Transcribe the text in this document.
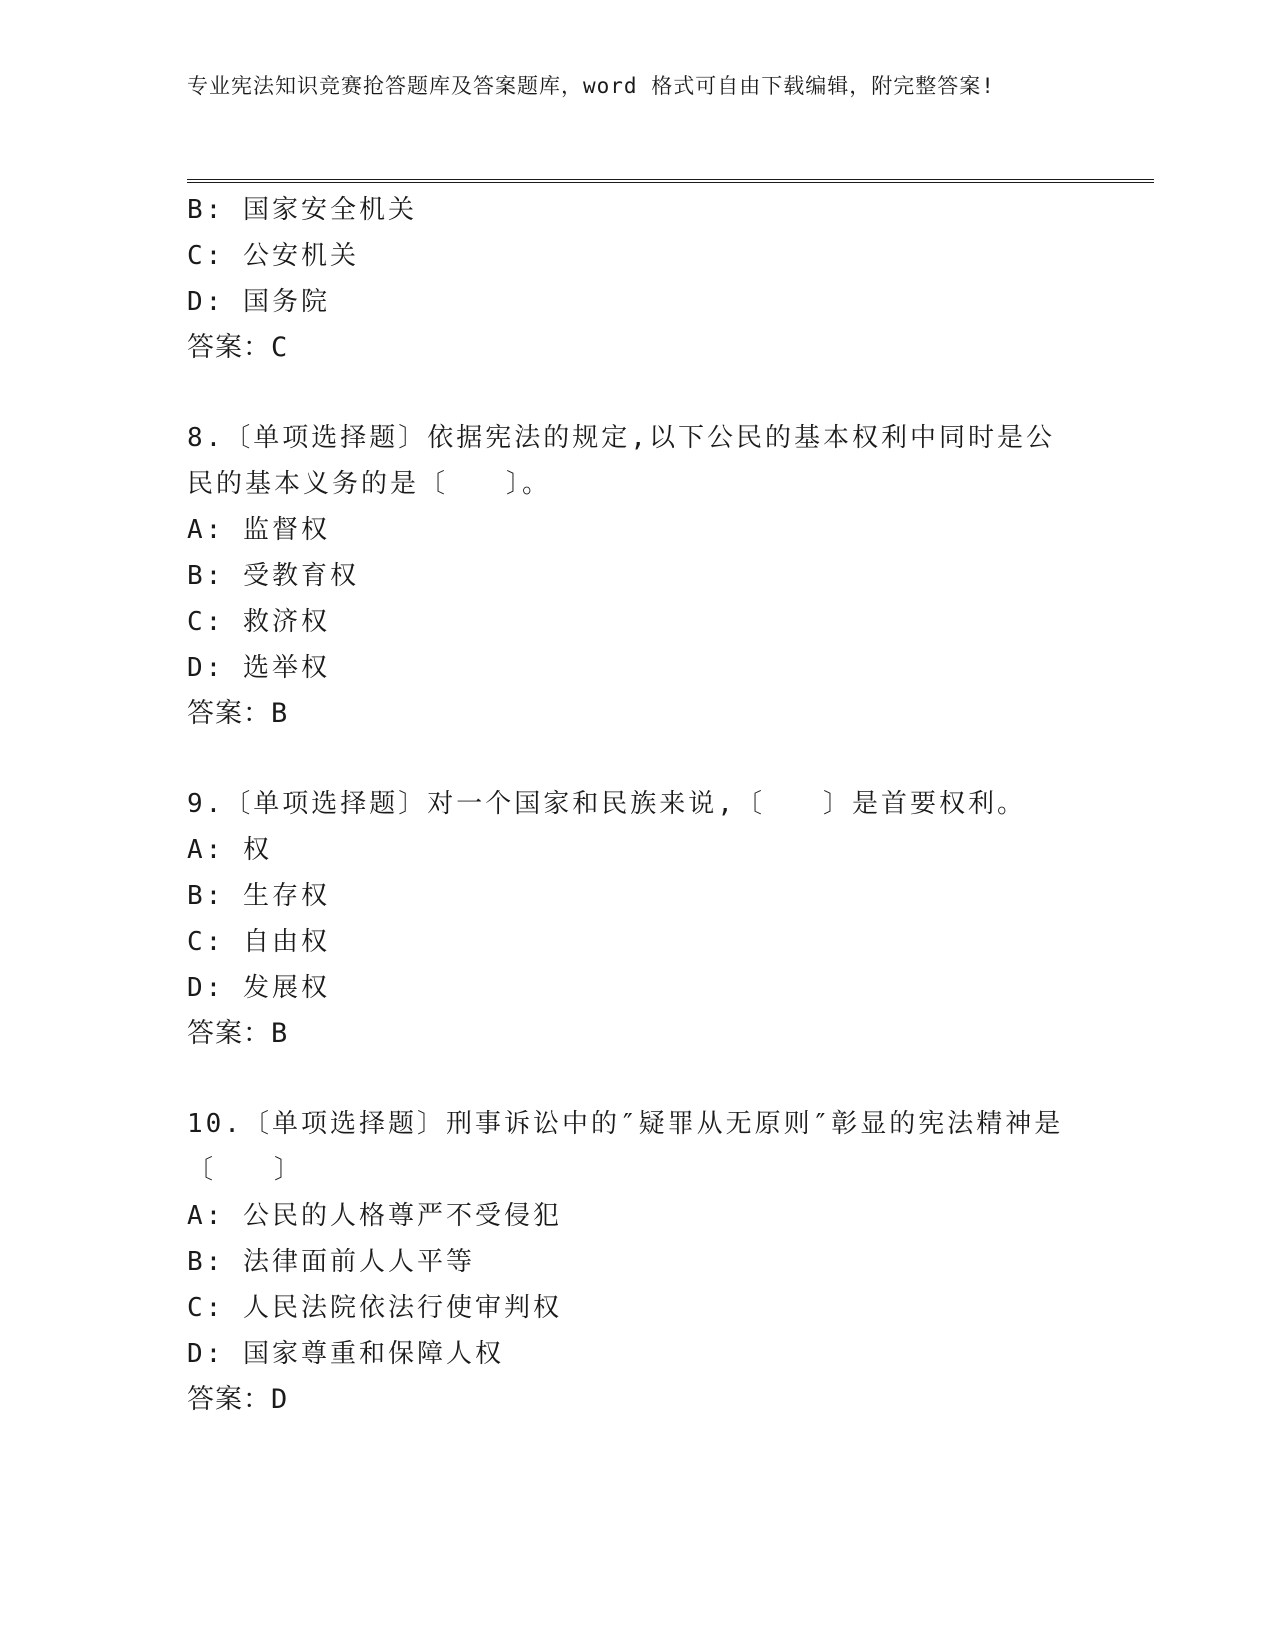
专业宪法知识竞赛抢答题库及答案题库，word 格式可自由下载编辑，附完整答案!
B: 国家安全机关
C: 公安机关
D: 国务院
答案：C
8.〔单项选择题〕依据宪法的规定,以下公民的基本权利中同时是公民的基本义务的是〔　　〕。
A: 监督权
B: 受教育权
C: 救济权
D: 选举权
答案：B
9.〔单项选择题〕对一个国家和民族来说,〔　　〕是首要权利。
A: 权
B: 生存权
C: 自由权
D: 发展权
答案：B
10.〔单项选择题〕刑事诉讼中的″疑罪从无原则″彰显的宪法精神是〔　　〕
A: 公民的人格尊严不受侵犯
B: 法律面前人人平等
C: 人民法院依法行使审判权
D: 国家尊重和保障人权
答案：D
